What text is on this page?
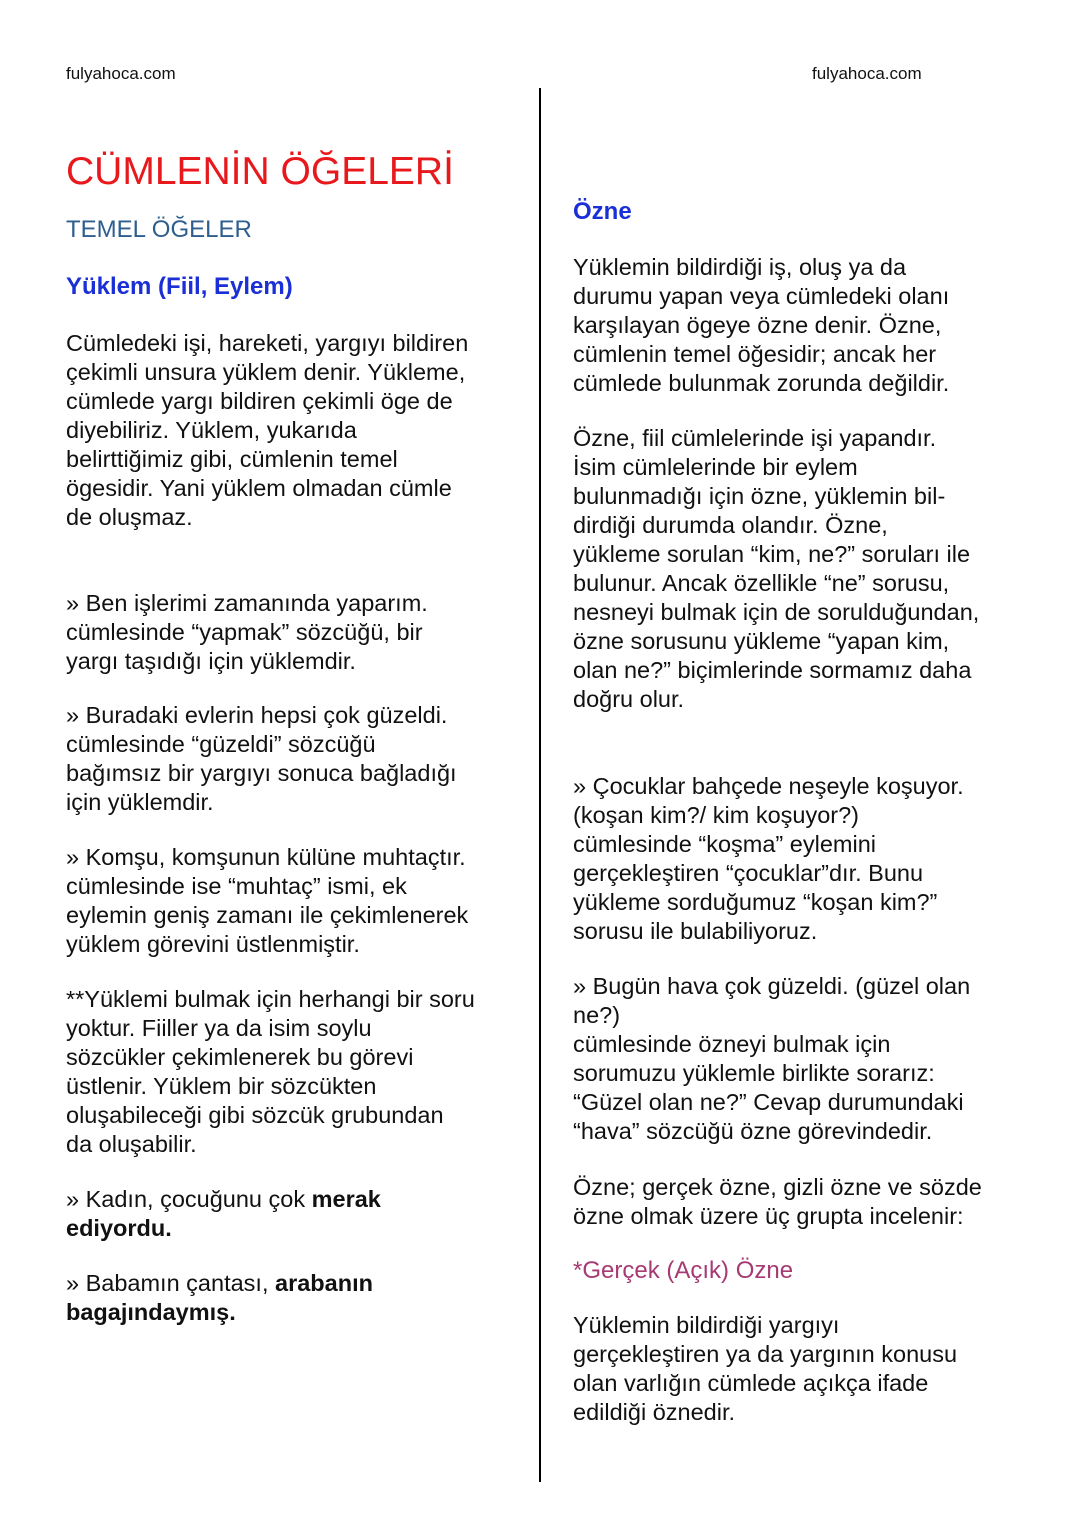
fulyahoca.com	fulyahoca.com
CÜMLENİN ÖĞELERİ
TEMEL ÖĞELER
Yüklem (Fiil, Eylem)
Cümledeki işi, hareketi, yargıyı bildiren
çekimli unsura yüklem denir. Yükleme,
cümlede yargı bildiren çekimli öge de
diyebiliriz. Yüklem, yukarıda
belirttiğimiz gibi, cümlenin temel
ögesidir. Yani yüklem olmadan cümle
de oluşmaz.
» Ben işlerimi zamanında yaparım.
cümlesinde “yapmak” sözcüğü, bir
yargı taşıdığı için yüklemdir.
» Buradaki evlerin hepsi çok güzeldi.
cümlesinde “güzeldi” sözcüğü
bağımsız bir yargıyı sonuca bağladığı
için yüklemdir.
» Komşu, komşunun külüne muhtaçtır.
cümlesinde ise “muhtaç” ismi, ek
eylemin geniş zamanı ile çekimlenerek
yüklem görevini üstlenmiştir.
**Yüklemi bulmak için herhangi bir soru
yoktur. Fiiller ya da isim soylu
sözcükler çekimlenerek bu görevi
üstlenir. Yüklem bir sözcükten
oluşabileceği gibi sözcük grubundan
da oluşabilir.
» Kadın, çocuğunu çok merak
ediyordu.
» Babamın çantası, arabanın
bagajındaymış.
Özne
Yüklemin bildirdiği iş, oluş ya da
durumu yapan veya cümledeki olanı
karşılayan ögeye özne denir. Özne,
cümlenin temel öğesidir; ancak her
cümlede bulunmak zorunda değildir.
Özne, fiil cümlelerinde işi yapandır.
İsim cümlelerinde bir eylem
bulunmadığı için özne, yüklemin bil-
dirdiği durumda olandır. Özne,
yükleme sorulan “kim, ne?” soruları ile
bulunur. Ancak özellikle “ne” sorusu,
nesneyi bulmak için de sorulduğundan,
özne sorusunu yükleme “yapan kim,
olan ne?” biçimlerinde sormamız daha
doğru olur.
» Çocuklar bahçede neşeyle koşuyor.
(koşan kim?/ kim koşuyor?)
cümlesinde “koşma” eylemini
gerçekleştiren “çocuklar”dır. Bunu
yükleme sorduğumuz “koşan kim?”
sorusu ile bulabiliyoruz.
» Bugün hava çok güzeldi. (güzel olan
ne?)
cümlesinde özneyi bulmak için
sorumuzu yüklemle birlikte sorarız:
“Güzel olan ne?” Cevap durumundaki
“hava” sözcüğü özne görevindedir.
Özne; gerçek özne, gizli özne ve sözde
özne olmak üzere üç grupta incelenir:
*Gerçek (Açık) Özne
Yüklemin bildirdiği yargıyı
gerçekleştiren ya da yargının konusu
olan varlığın cümlede açıkça ifade
edildiği öznedir.
